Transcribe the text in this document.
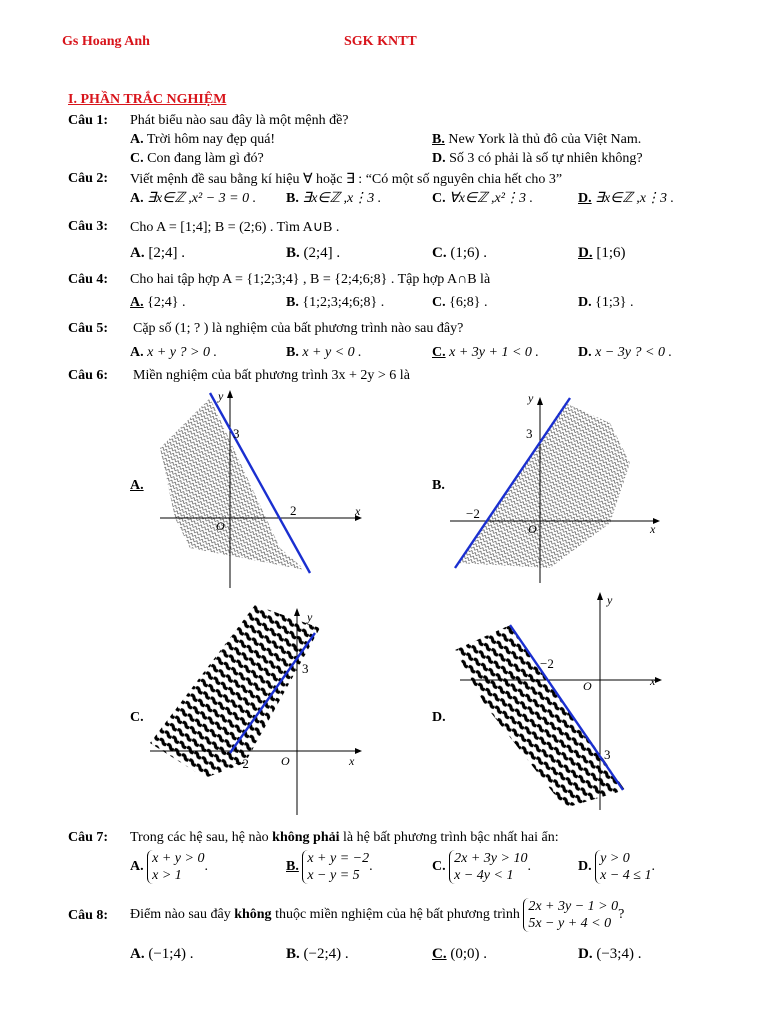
Gs Hoang Anh	SGK KNTT
I. PHẦN TRẮC NGHIỆM
Câu 1: Phát biểu nào sau đây là một mệnh đề?
A. Trời hôm nay đẹp quá!	B. New York là thủ đô của Việt Nam.
C. Con đang làm gì đó?	D. Số 3 có phải là số tự nhiên không?
Câu 2: Viết mệnh đề sau bằng kí hiệu ∀ hoặc ∃ : “Có một số nguyên chia hết cho 3”
A. ∃x∈ℤ ,x² − 3 = 0 . B. ∃x∈ℤ ,x⋮3 .	C. ∀x∈ℤ ,x²⋮3 .	D. ∃x∈ℤ ,x⋮3 .
Câu 3: Cho A = [1;4]; B = (2;6) . Tìm A∪B .
A. [2;4] .	B. (2;4] .	C. (1;6) .	D. [1;6)
Câu 4: Cho hai tập hợp A = {1;2;3;4} , B = {2;4;6;8} . Tập hợp A∩B là
A. {2;4} .	B. {1;2;3;4;6;8} .	C. {6;8} .	D. {1;3} .
Câu 5: Cặp số (1; ? ) là nghiệm của bất phương trình nào sau đây?
A. x + y ? > 0 .	B. x + y < 0 .	C. x + 3y + 1 < 0 .	D. x − 3y ? < 0 .
Câu 6: Miền nghiệm của bất phương trình 3x + 2y > 6 là
A.
y
x
O
3
2
B.
y
x
O
3
−2
C.
y
x
O
3
−2
D.
y
x
O
3
−2
Câu 7: Trong các hệ sau, hệ nào không phải là hệ bất phương trình bậc nhất hai ẩn:
A. x + y > 0
x > 1.	B. x + y = −2
x − y = 5.	C. 2x + 3y > 10
x − 4y < 1.	D. y > 0
x − 4 ≤ 1.
Câu 8: Điểm nào sau đây không thuộc miền nghiệm của hệ bất phương trình 2x + 3y − 1 > 0
5x − y + 4 < 0?
A. (−1;4) .	B. (−2;4) .	C. (0;0) .	D. (−3;4) .
